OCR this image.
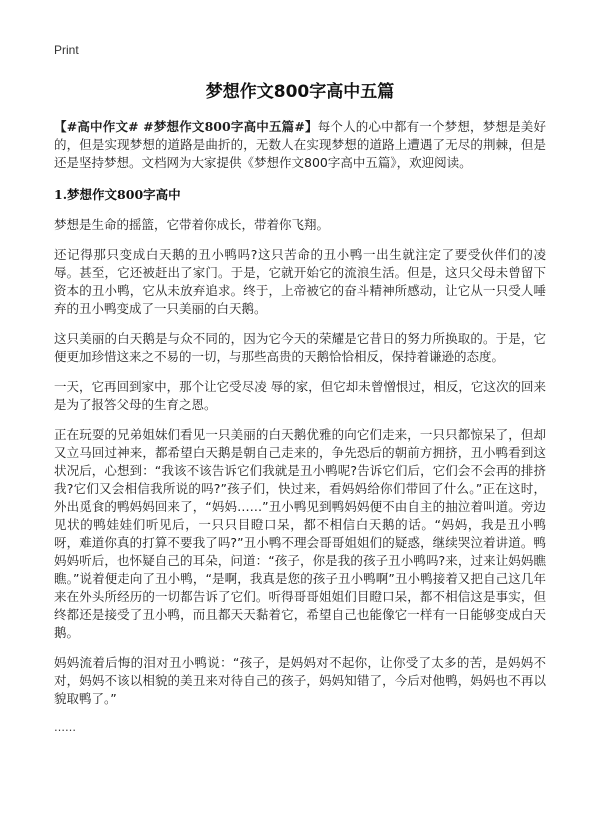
Print
梦想作文800字高中五篇

【#高中作文# #梦想作文800字高中五篇#】每个人的心中都有一个梦想，梦想是美好的，但是实现梦想的道路是曲折的，无数人在实现梦想的道路上遭遇了无尽的荆棘，但是还是坚持梦想。文档网为大家提供《梦想作文800字高中五篇》，欢迎阅读。

1.梦想作文800字高中

梦想是生命的摇篮，它带着你成长，带着你飞翔。

还记得那只变成白天鹅的丑小鸭吗?这只苦命的丑小鸭一出生就注定了要受伙伴们的凌 辱。甚至，它还被赶出了家门。于是，它就开始它的流浪生活。但是，这只父母未曾留下资本的丑小鸭，它从未放弃追求。终于，上帝被它的奋斗精神所感动，让它从一只受人唾弃的丑小鸭变成了一只美丽的白天鹅。

这只美丽的白天鹅是与众不同的，因为它今天的荣耀是它昔日的努力所换取的。于是，它便更加珍惜这来之不易的一切，与那些高贵的天鹅恰恰相反，保持着谦逊的态度。

一天，它再回到家中，那个让它受尽凌 辱的家，但它却未曾憎恨过，相反，它这次的回来是为了报答父母的生育之恩。

正在玩耍的兄弟姐妹们看见一只美丽的白天鹅优雅的向它们走来，一只只都惊呆了，但却又立马回过神来，都希望白天鹅是朝自己走来的，争先恐后的朝前方拥挤，丑小鸭看到这状况后，心想到：“我该不该告诉它们我就是丑小鸭呢?告诉它们后，它们会不会再的排挤我?它们又会相信我所说的吗?”孩子们，快过来，看妈妈给你们带回了什么。”正在这时，外出觅食的鸭妈妈回来了，“妈妈……”丑小鸭见到鸭妈妈便不由自主的抽泣着叫道。旁边见状的鸭娃娃们听见后，一只只目瞪口呆，都不相信白天鹅的话。“妈妈，我是丑小鸭呀，难道你真的打算不要我了吗?”丑小鸭不理会哥哥姐姐们的疑惑，继续哭泣着讲道。鸭妈妈听后，也怀疑自己的耳朵，问道：“孩子，你是我的孩子丑小鸭吗?来，过来让妈妈瞧瞧。”说着便走向了丑小鸭，“是啊，我真是您的孩子丑小鸭啊”丑小鸭接着又把自己这几年来在外头所经历的一切都告诉了它们。听得哥哥姐姐们目瞪口呆，都不相信这是事实，但终都还是接受了丑小鸭，而且都天天黏着它，希望自己也能像它一样有一日能够变成白天鹅。

妈妈流着后悔的泪对丑小鸭说：“孩子，是妈妈对不起你，让你受了太多的苦，是妈妈不对，妈妈不该以相貌的美丑来对待自己的孩子，妈妈知错了，今后对他鸭，妈妈也不再以貌取鸭了。”

……
